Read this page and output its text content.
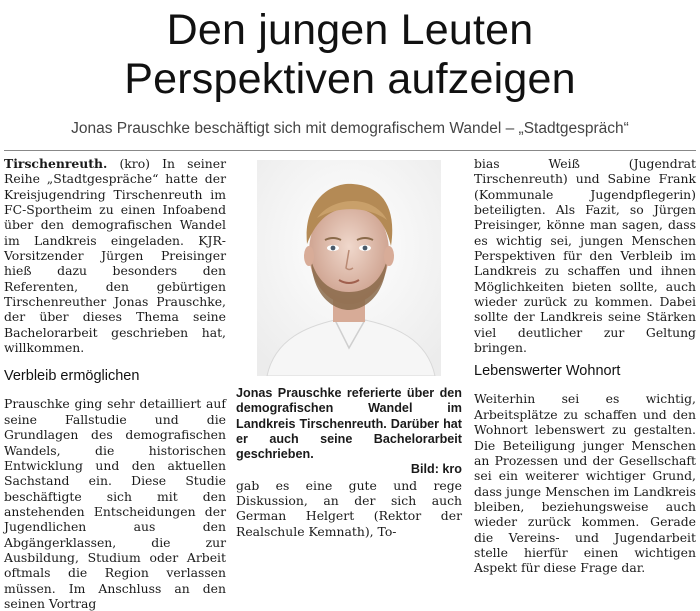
Den jungen Leuten
Perspektiven aufzeigen

Jonas Prauschke beschäftigt sich mit demografischem Wandel – „Stadtgespräch“

Tirschenreuth. (kro) In seiner Reihe „Stadtgespräche“ hatte der Kreisjugendring Tirschenreuth im FC-Sportheim zu einen Infoabend über den demografischen Wandel im Landkreis eingeladen. KJR-Vorsitzender Jürgen Preisinger hieß dazu besonders den Referenten, den gebürtigen Tirschenreuther Jonas Prauschke, der über dieses Thema seine Bachelorarbeit geschrieben hat, willkommen.

Verbleib ermöglichen

Prauschke ging sehr detailliert auf seine Fallstudie und die Grundlagen des demografischen Wandels, die historischen Entwicklung und den aktuellen Sachstand ein. Diese Studie beschäftigte sich mit den anstehenden Entscheidungen der Jugendlichen aus den Abgängerklassen, die zur Ausbildung, Studium oder Arbeit oftmals die Region verlassen müssen. Im Anschluss an den seinen Vortrag

Jonas Prauschke referierte über den demografischen Wandel im Landkreis Tirschenreuth. Darüber hat er auch seine Bachelorarbeit geschrieben.
Bild: kro

gab es eine gute und rege Diskussion, an der sich auch German Helgert (Rektor der Realschule Kemnath), To-

bias Weiß (Jugendrat Tirschenreuth) und Sabine Frank (Kommunale Jugendpflegerin) beteiligten. Als Fazit, so Jürgen Preisinger, könne man sagen, dass es wichtig sei, jungen Menschen Perspektiven für den Verbleib im Landkreis zu schaffen und ihnen Möglichkeiten bieten sollte, auch wieder zurück zu kommen. Dabei sollte der Landkreis seine Stärken viel deutlicher zur Geltung bringen.

Lebenswerter Wohnort

Weiterhin sei es wichtig, Arbeitsplätze zu schaffen und den Wohnort lebenswert zu gestalten. Die Beteiligung junger Menschen an Prozessen und der Gesellschaft sei ein weiterer wichtiger Grund, dass junge Menschen im Landkreis bleiben, beziehungsweise auch wieder zurück kommen. Gerade die Vereins- und Jugendarbeit stelle hierfür einen wichtigen Aspekt für diese Frage dar.
